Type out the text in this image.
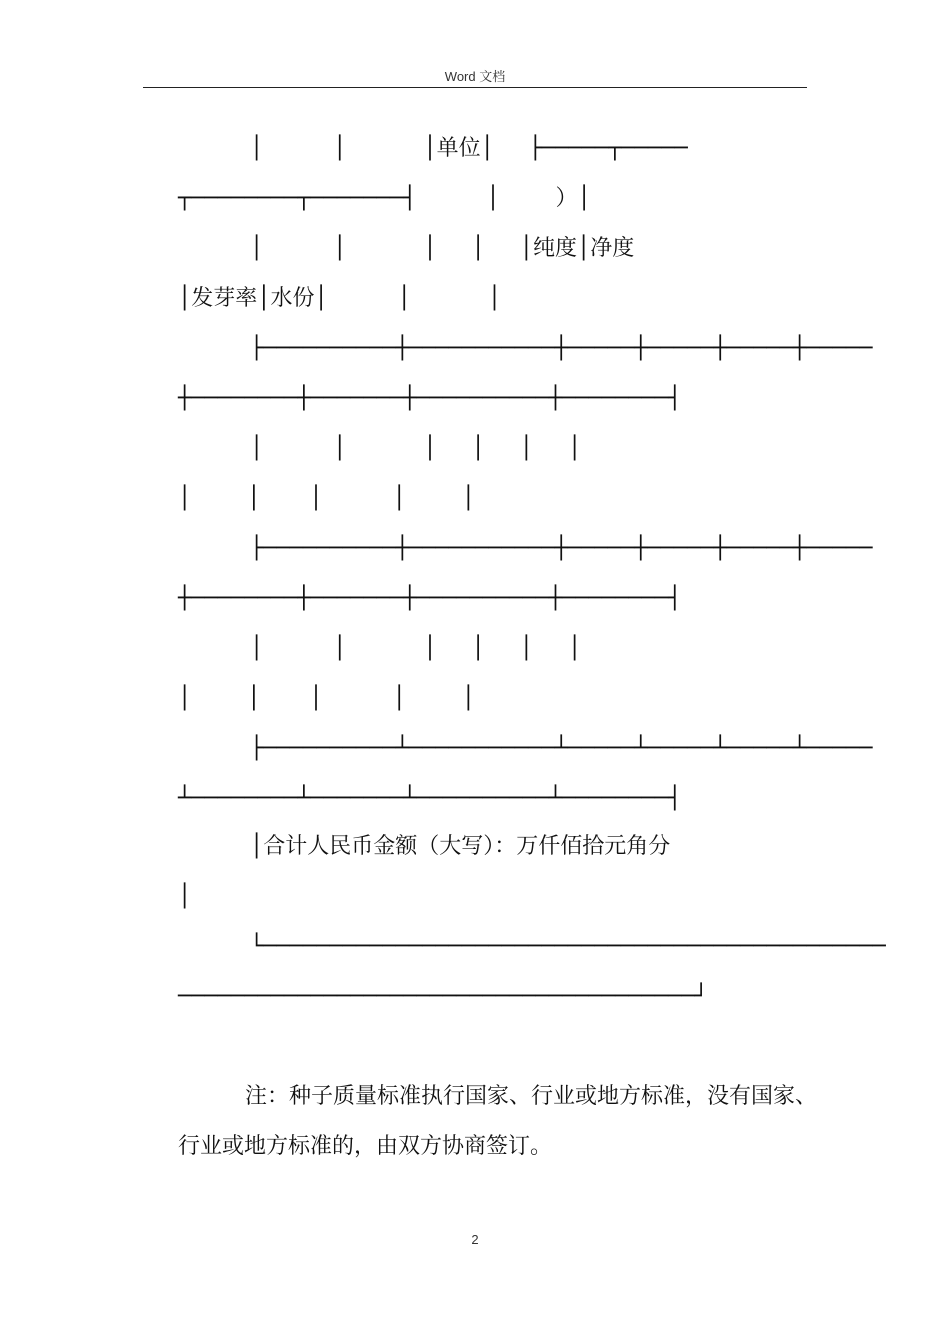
Word 文档

│          │           │单位│     ├─────┬─────

┬────────┬───────┤          │        ）│

│          │           │     │     │纯度│净度

│发芽率│水份│          │           │

├──────────┼───────────┼─────┼─────┼─────┼─────

┼────────┼───────┼──────────┼────────┤

│          │           │     │     │     │

│        │       │          │        │

├──────────┼───────────┼─────┼─────┼─────┼─────

┼────────┼───────┼──────────┼────────┤

│          │           │     │     │     │

│        │       │          │        │

├──────────┴───────────┴─────┴─────┴─────┴─────

┴────────┴───────┴──────────┴────────┤

│合计人民币金额（大写）：万仟佰拾元角分

│

└───────────────────────────────────────────────

───────────────────────────────────────┘

注：种子质量标准执行国家、行业或地方标准，没有国家、

行业或地方标准的，由双方协商签订。

2
